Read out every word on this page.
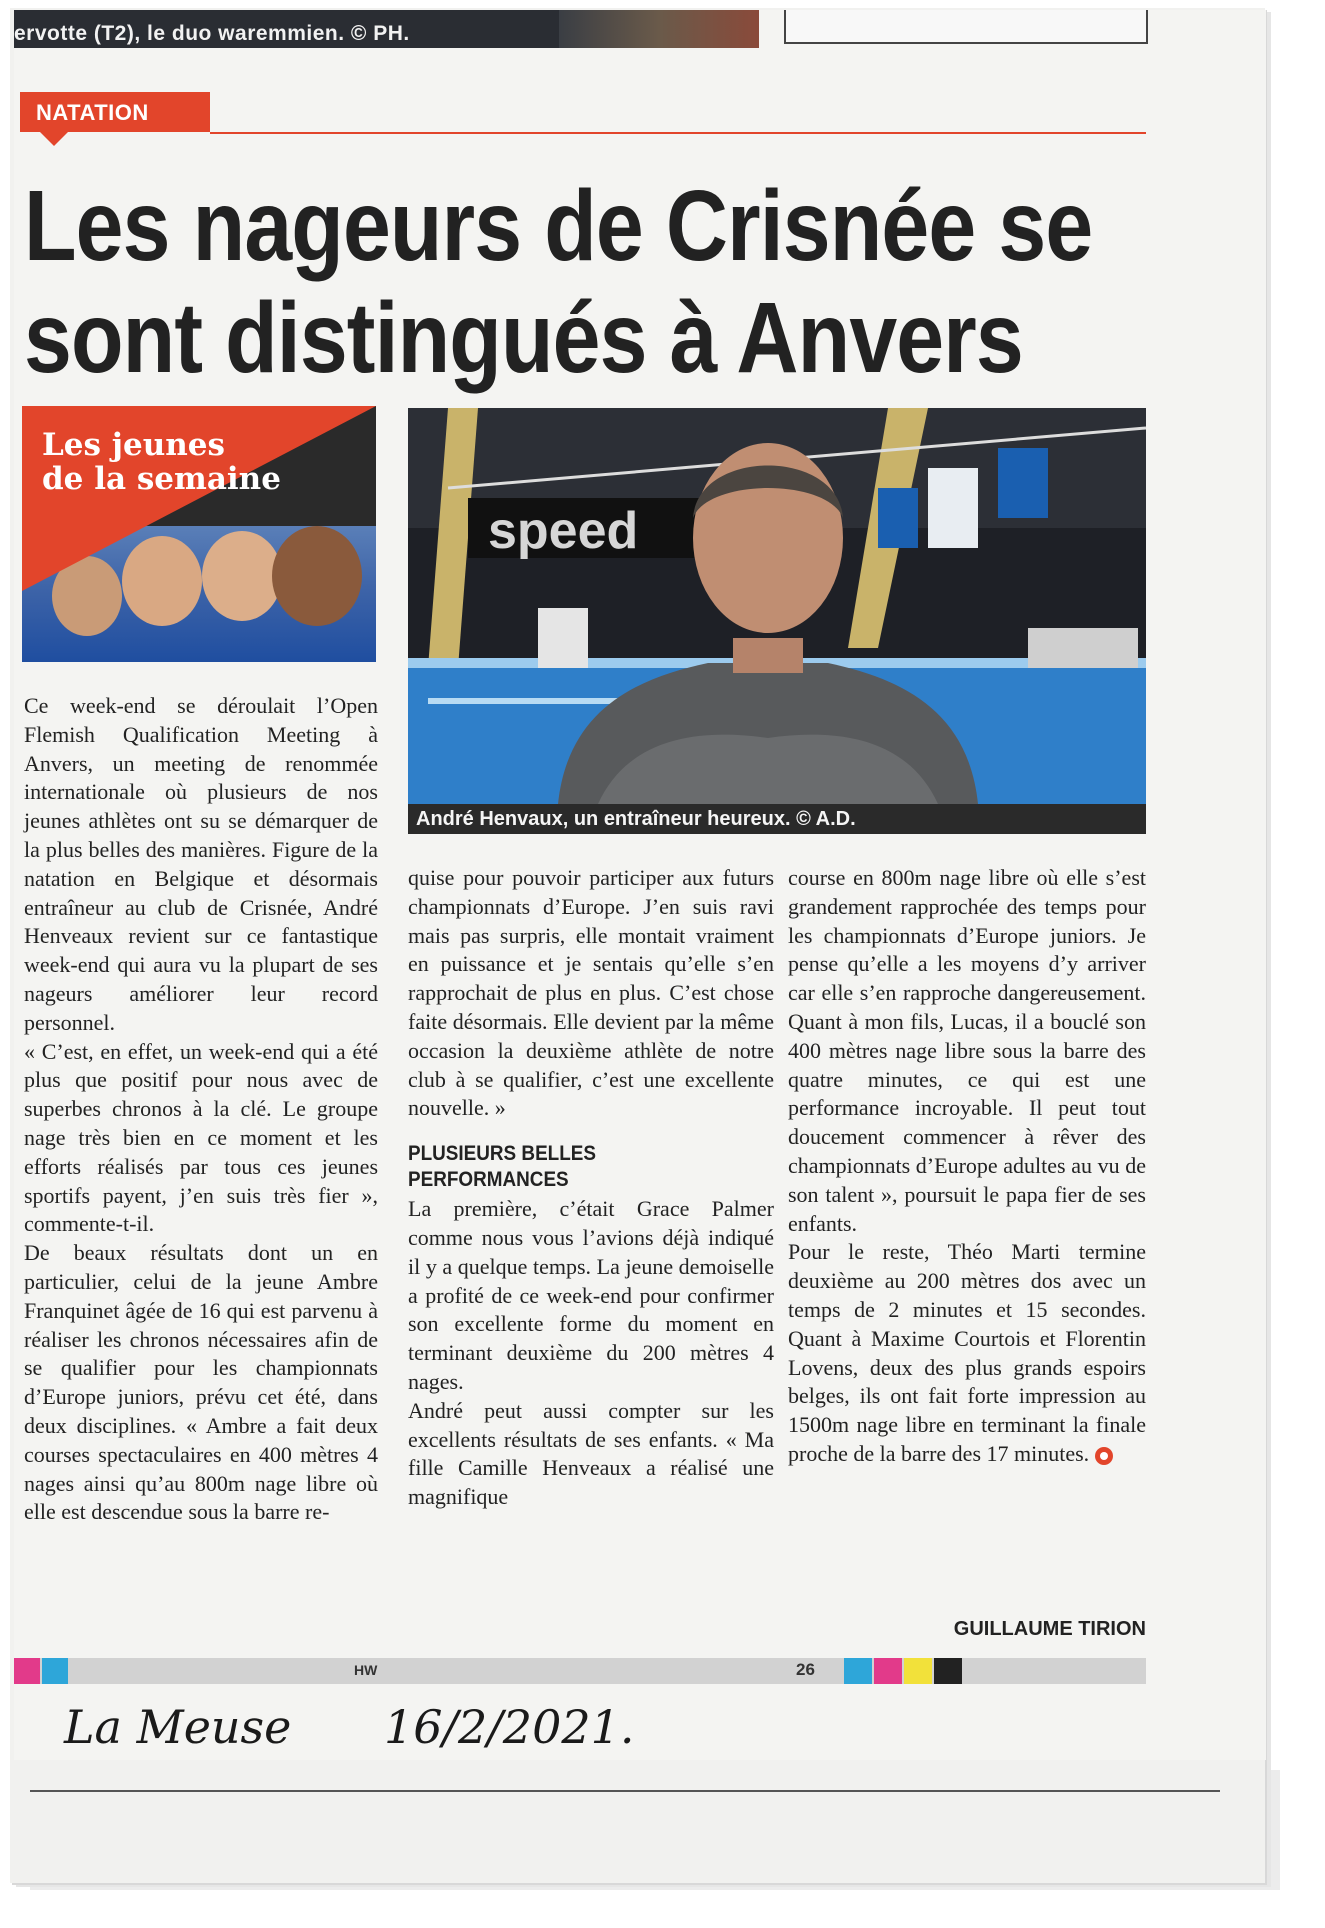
ervotte (T2), le duo waremmien. © PH.
NATATION
Les nageurs de Crisnée se
sont distingués à Anvers
Les jeunes
de la semaine
speed
André Henvaux, un entraîneur heureux. © A.D.

Ce week-end se déroulait l’Open Flemish Qualification Meeting à Anvers, un meeting de renommée internationale où plusieurs de nos jeunes athlètes ont su se démarquer de la plus belles des manières. Figure de la natation en Belgique et désormais entraîneur au club de Crisnée, André Henveaux revient sur ce fantastique week-end qui aura vu la plupart de ses nageurs améliorer leur record personnel.

« C’est, en effet, un week-end qui a été plus que positif pour nous avec de superbes chronos à la clé. Le groupe nage très bien en ce moment et les efforts réalisés par tous ces jeunes sportifs payent, j’en suis très fier », commente-t-il.

De beaux résultats dont un en particulier, celui de la jeune Ambre Franquinet âgée de 16 qui est parvenu à réaliser les chronos nécessaires afin de se qualifier pour les championnats d’Europe juniors, prévu cet été, dans deux disciplines. « Ambre a fait deux courses spectaculaires en 400 mètres 4 nages ainsi qu’au 800m nage libre où elle est descendue sous la barre re-

quise pour pouvoir participer aux futurs championnats d’Europe. J’en suis ravi mais pas surpris, elle montait vraiment en puissance et je sentais qu’elle s’en rapprochait de plus en plus. C’est chose faite désormais. Elle devient par la même occasion la deuxième athlète de notre club à se qualifier, c’est une excellente nouvelle. »

PLUSIEURS BELLES
PERFORMANCES

La première, c’était Grace Palmer comme nous vous l’avions déjà indiqué il y a quelque temps. La jeune demoiselle a profité de ce week-end pour confirmer son excellente forme du moment en terminant deuxième du 200 mètres 4 nages.

André peut aussi compter sur les excellents résultats de ses enfants. « Ma fille Camille Henveaux a réalisé une magnifique

course en 800m nage libre où elle s’est grandement rapprochée des temps pour les championnats d’Europe juniors. Je pense qu’elle a les moyens d’y arriver car elle s’en rapproche dangereusement. Quant à mon fils, Lucas, il a bouclé son 400 mètres nage libre sous la barre des quatre minutes, ce qui est une performance incroyable. Il peut tout doucement commencer à rêver des championnats d’Europe adultes au vu de son talent », poursuit le papa fier de ses enfants.

Pour le reste, Théo Marti termine deuxième au 200 mètres dos avec un temps de 2 minutes et 15 secondes. Quant à Maxime Courtois et Florentin Lovens, deux des plus grands espoirs belges, ils ont fait forte impression au 1500m nage libre en terminant la finale proche de la barre des 17 minutes.

GUILLAUME TIRION
HW	26
La Meuse 16/2/2021.
